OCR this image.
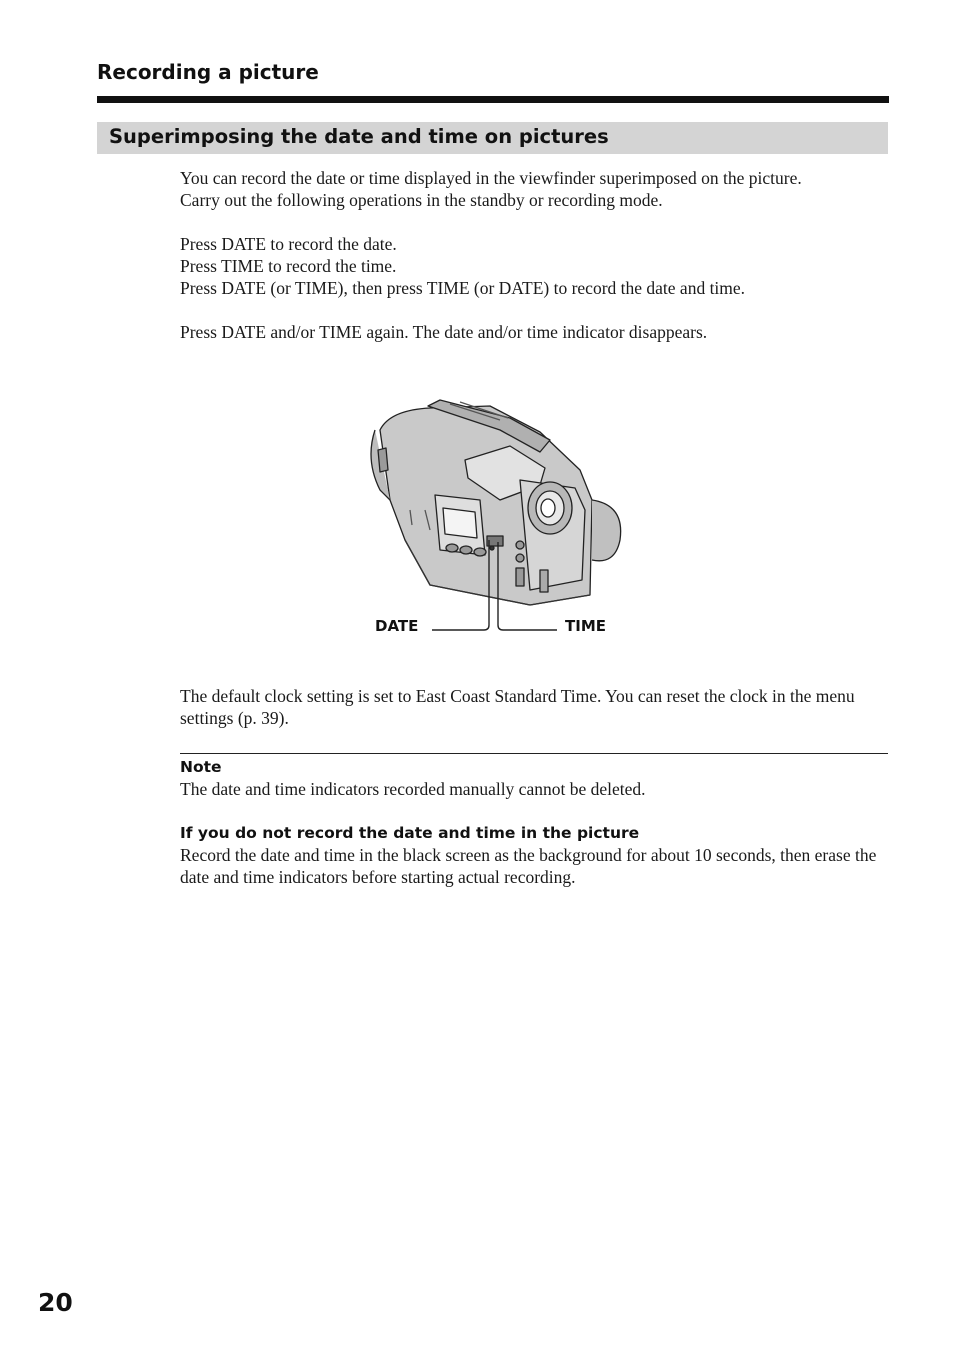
Recording a picture
Superimposing the date and time on pictures

You can record the date or time displayed in the viewfinder superimposed on the picture.

Carry out the following operations in the standby or recording mode.

Press DATE to record the date.

Press TIME to record the time.

Press DATE (or TIME), then press TIME (or DATE) to record the date and time.

Press DATE and/or TIME again. The date and/or time indicator disappears.

DATE	TIME

The default clock setting is set to East Coast Standard Time. You can reset the clock in the menu settings (p. 39).

Note

The date and time indicators recorded manually cannot be deleted.

If you do not record the date and time in the picture

Record the date and time in the black screen as the background for about 10 seconds, then erase the date and time indicators before starting actual recording.

20
